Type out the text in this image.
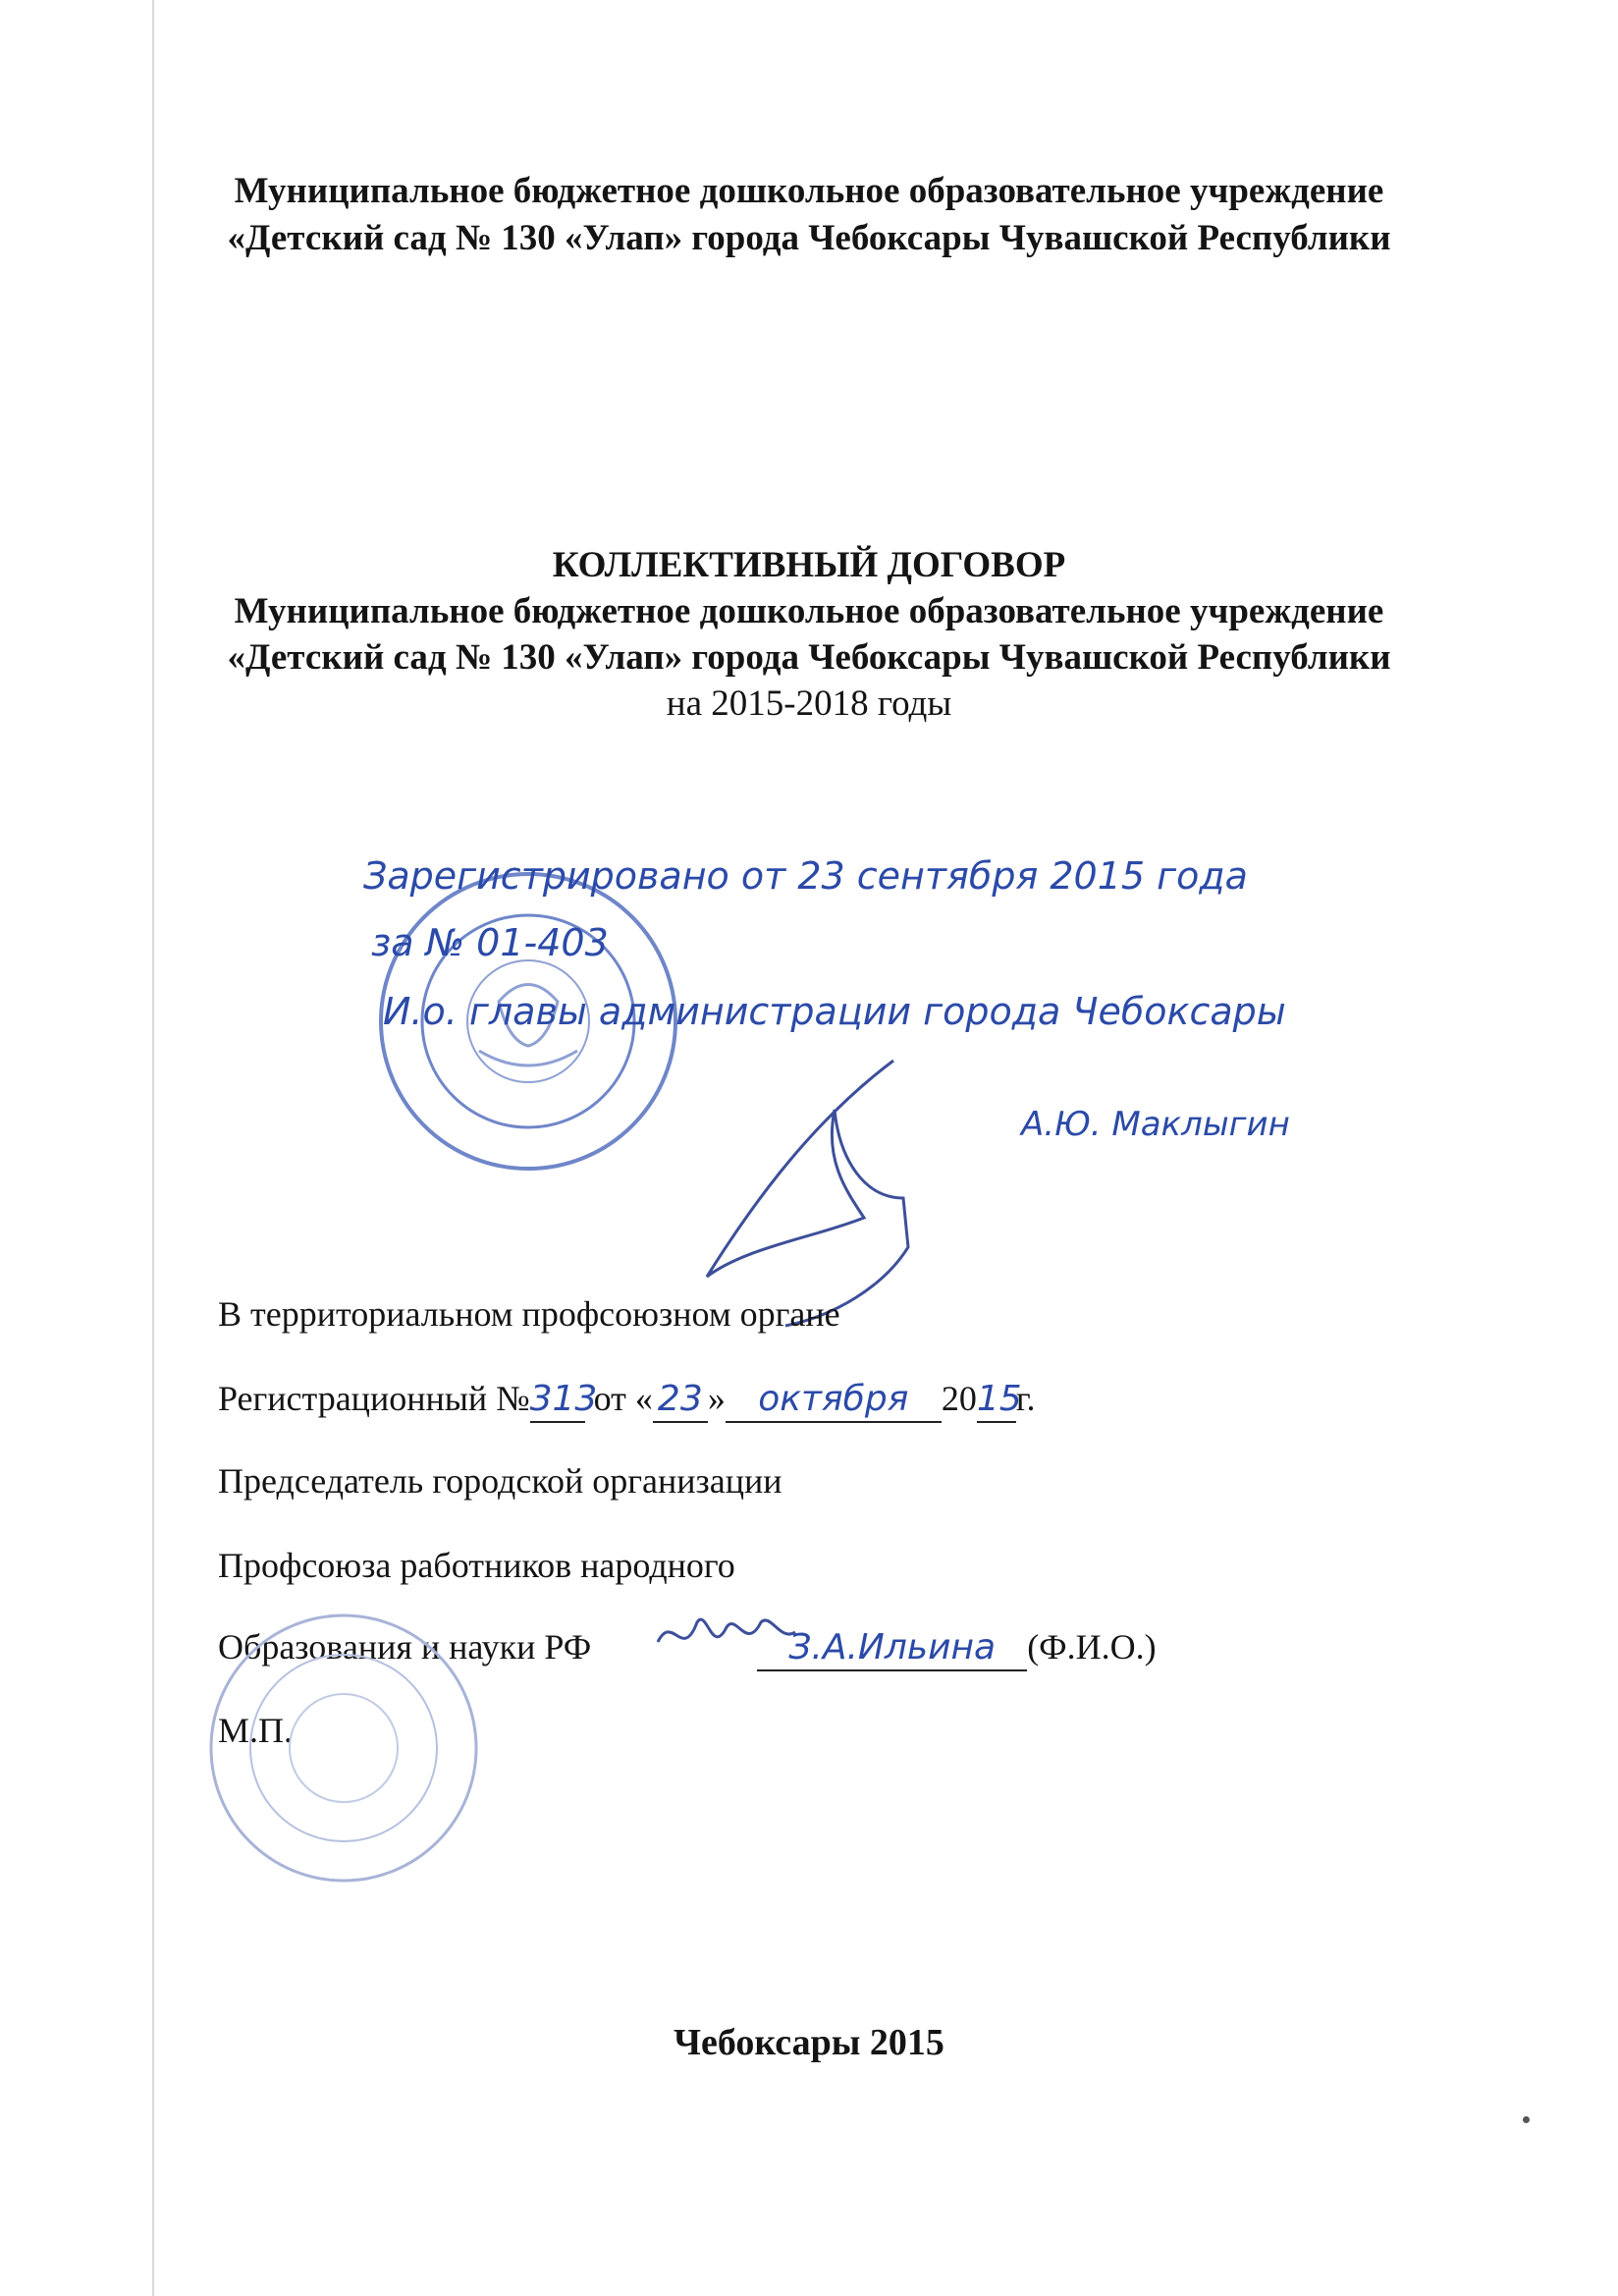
Муниципальное бюджетное дошкольное образовательное учреждение
«Детский сад № 130 «Улап» города Чебоксары Чувашской Республики
КОЛЛЕКТИВНЫЙ ДОГОВОР
Муниципальное бюджетное дошкольное образовательное учреждение
«Детский сад № 130 «Улап» города Чебоксары Чувашской Республики
на 2015-2018 годы
Зарегистрировано от 23 сентября 2015 года
за № 01-403
И.о. главы администрации города Чебоксары
А.Ю. Маклыгин
В территориальном профсоюзном органе
Регистрационный №313 от « 23 » октября 2015г.
Председатель городской организации
Профсоюза работников народного
Образования и науки РФ	З.А.Ильина (Ф.И.О.)
М.П.
Чебоксары 2015
